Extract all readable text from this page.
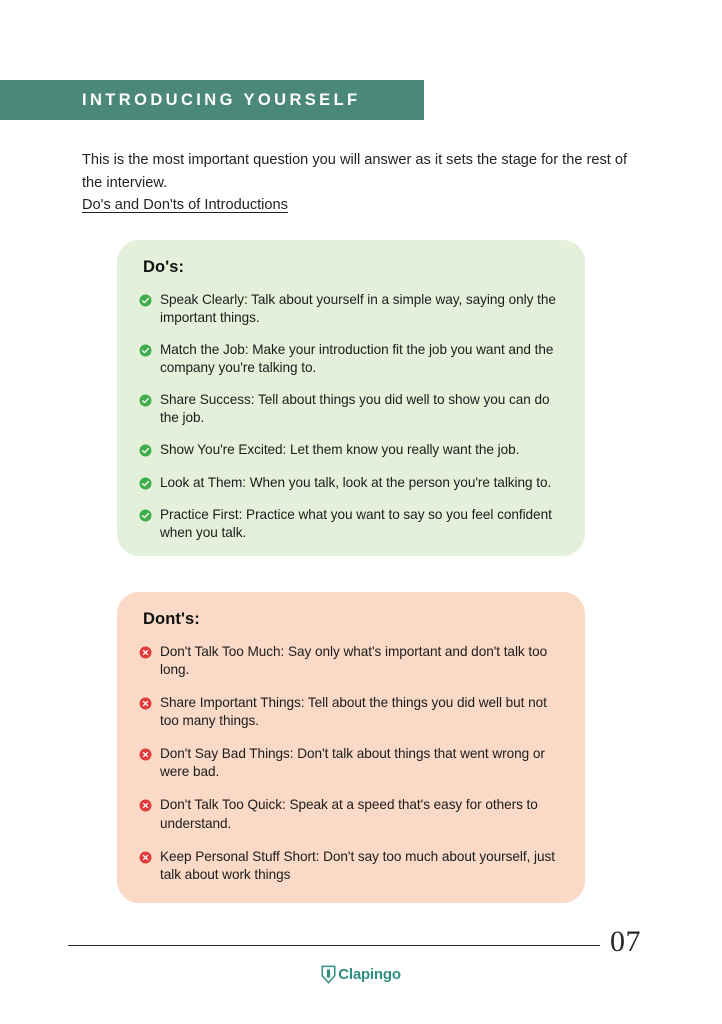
INTRODUCING YOURSELF

This is the most important question you will answer as it sets the stage for the rest of the interview.

Do's and Don'ts of Introductions
Do's:
Speak Clearly: Talk about yourself in a simple way, saying only the important things.
Match the Job: Make your introduction fit the job you want and the company you're talking to.
Share Success: Tell about things you did well to show you can do the job.
Show You're Excited: Let them know you really want the job.
Look at Them: When you talk, look at the person you're talking to.
Practice First: Practice what you want to say so you feel confident when you talk.
Dont's:
Don't Talk Too Much: Say only what's important and don't talk too long.
Share Important Things: Tell about the things you did well but not too many things.
Don't Say Bad Things: Don't talk about things that went wrong or were bad.
Don't Talk Too Quick: Speak at a speed that's easy for others to understand.
Keep Personal Stuff Short: Don't say too much about yourself, just talk about work things
07
Clapingo
